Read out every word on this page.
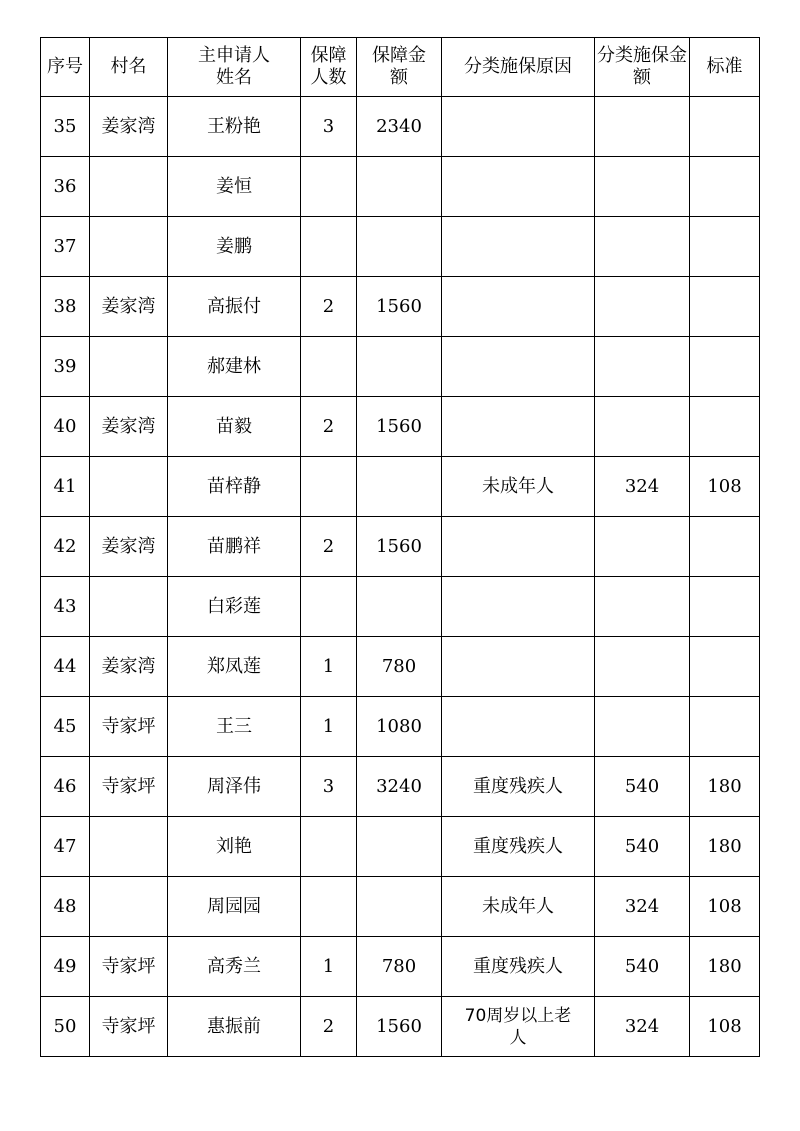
序号	村名	主申请人姓名	保障人数	保障金额	分类施保原因	分类施保金额	标准
35	姜家湾	王粉艳	3	2340			
36		姜恒					
37		姜鹏					
38	姜家湾	高振付	2	1560			
39		郝建林					
40	姜家湾	苗毅	2	1560			
41		苗梓静			未成年人	324	108
42	姜家湾	苗鹏祥	2	1560			
43		白彩莲					
44	姜家湾	郑凤莲	1	780			
45	寺家坪	王三	1	1080			
46	寺家坪	周泽伟	3	3240	重度残疾人	540	180
47		刘艳			重度残疾人	540	180
48		周园园			未成年人	324	108
49	寺家坪	高秀兰	1	780	重度残疾人	540	180
50	寺家坪	惠振前	2	1560	70周岁以上老人	324	108
